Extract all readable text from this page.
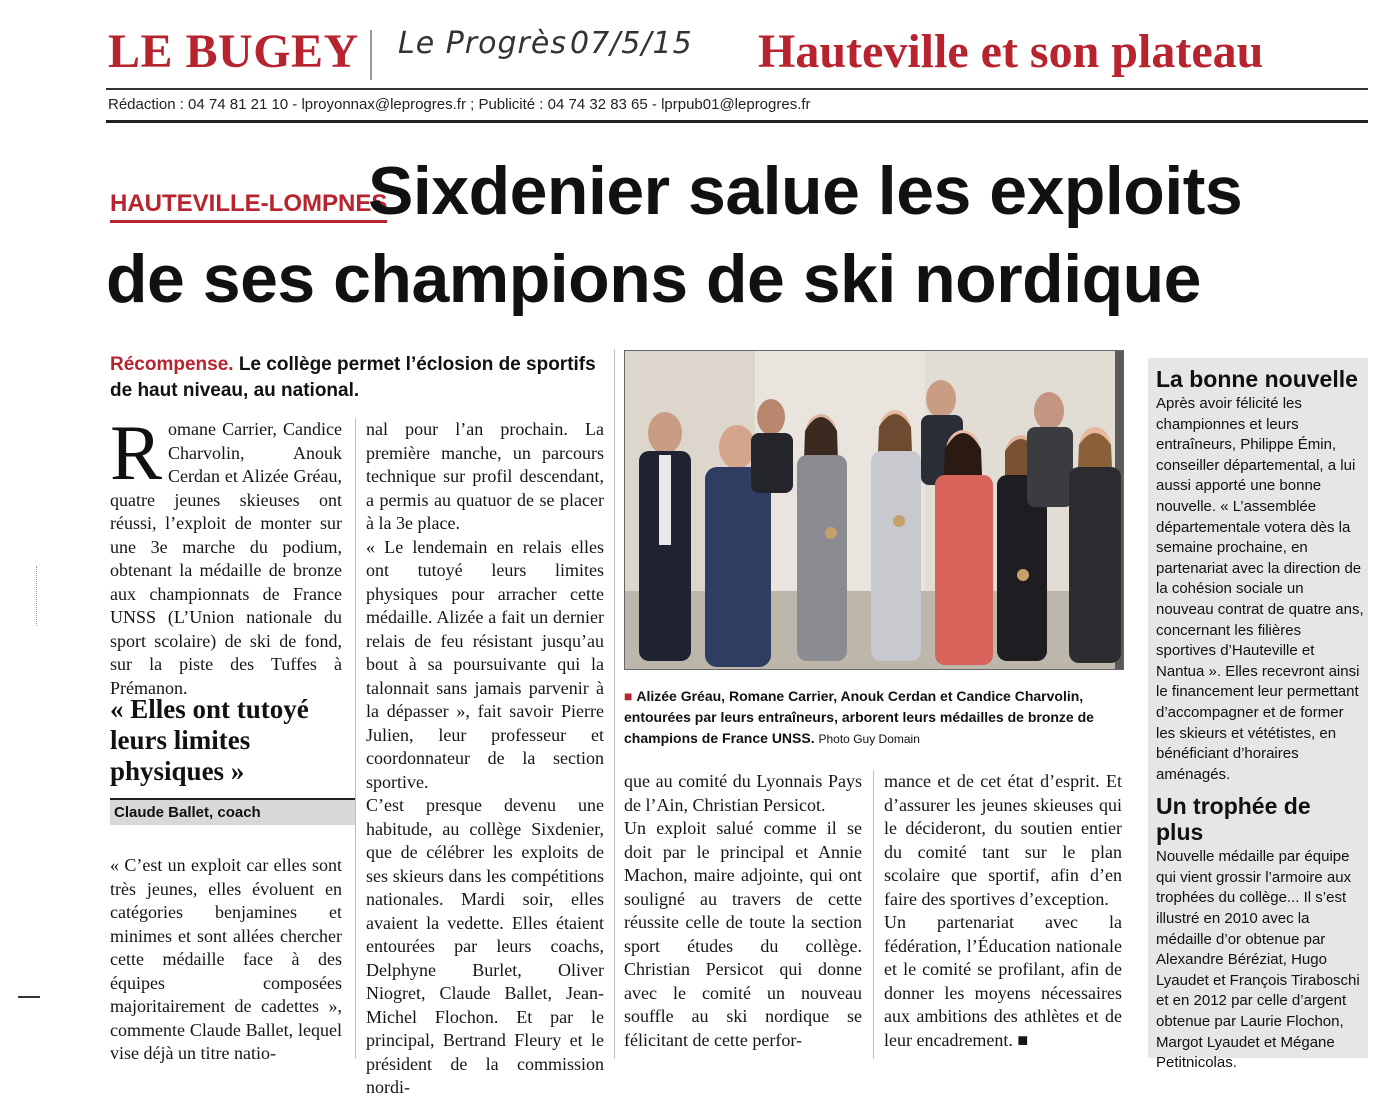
LE BUGEY Le Progrès 07/5/15 Hauteville et son plateau
Rédaction : 04 74 81 21 10 - lproyonnax@leprogres.fr ; Publicité : 04 74 32 83 65 - lprpub01@leprogres.fr
HAUTEVILLE-LOMPNES
Sixdenier salue les exploits
de ses champions de ski nordique
Récompense. Le collège permet l’éclosion de sportifs de haut niveau, au national.

Romane Carrier, Candice Charvolin, Anouk Cerdan et Alizée Gréau, quatre jeunes skieuses ont réussi, l’exploit de monter sur une 3e marche du podium, obtenant la médaille de bronze aux championnats de France UNSS (L’Union nationale du sport scolaire) de ski de fond, sur la piste des Tuffes à Prémanon.

« Elles ont tutoyé leurs limites physiques »
Claude Ballet, coach

« C’est un exploit car elles sont très jeunes, elles évoluent en catégories benjamines et minimes et sont allées chercher cette médaille face à des équipes composées majoritairement de cadettes », commente Claude Ballet, lequel vise déjà un titre natio-

nal pour l’an prochain. La première manche, un parcours technique sur profil descendant, a permis au quatuor de se placer à la 3e place.

« Le lendemain en relais elles ont tutoyé leurs limites physiques pour arracher cette médaille. Alizée a fait un dernier relais de feu résistant jusqu’au bout à sa poursuivante qui la talonnait sans jamais parvenir à la dépasser », fait savoir Pierre Julien, leur professeur et coordonnateur de la section sportive.

C’est presque devenu une habitude, au collège Sixdenier, que de célébrer les exploits de ses skieurs dans les compétitions nationales. Mardi soir, elles avaient la vedette. Elles étaient entourées par leurs coachs, Delphyne Burlet, Oliver Niogret, Claude Ballet, Jean-Michel Flochon. Et par le principal, Bertrand Fleury et le président de la commission nordi-

■ Alizée Gréau, Romane Carrier, Anouk Cerdan et Candice Charvolin, entourées par leurs entraîneurs, arborent leurs médailles de bronze de champions de France UNSS. Photo Guy Domain

que au comité du Lyonnais Pays de l’Ain, Christian Persicot.

Un exploit salué comme il se doit par le principal et Annie Machon, maire adjointe, qui ont souligné au travers de cette réussite celle de toute la section sport études du collège. Christian Persicot qui donne avec le comité un nouveau souffle au ski nordique se félicitant de cette perfor-

mance et de cet état d’esprit. Et d’assurer les jeunes skieuses qui le décideront, du soutien entier du comité tant sur le plan scolaire que sportif, afin d’en faire des sportives d’exception.

Un partenariat avec la fédération, l’Éducation nationale et le comité se profilant, afin de donner les moyens nécessaires aux ambitions des athlètes et de leur encadrement. ■

La bonne nouvelle

Après avoir félicité les championnes et leurs entraîneurs, Philippe Émin, conseiller départemental, a lui aussi apporté une bonne nouvelle. « L’assemblée départementale votera dès la semaine prochaine, en partenariat avec la direction de la cohésion sociale un nouveau contrat de quatre ans, concernant les filières sportives d’Hauteville et Nantua ». Elles recevront ainsi le financement leur permettant d’accompagner et de former les skieurs et vététistes, en bénéficiant d’horaires aménagés.

Un trophée de plus

Nouvelle médaille par équipe qui vient grossir l’armoire aux trophées du collège... Il s’est illustré en 2010 avec la médaille d’or obtenue par Alexandre Béréziat, Hugo Lyaudet et François Tiraboschi et en 2012 par celle d’argent obtenue par Laurie Flochon, Margot Lyaudet et Mégane Petitnicolas.
